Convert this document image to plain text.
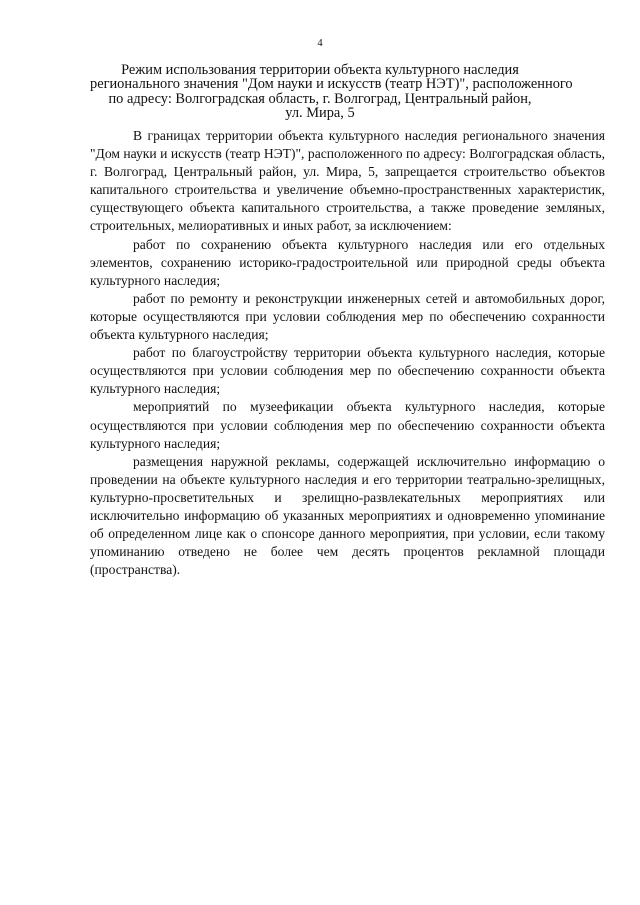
4
Режим использования территории объекта культурного наследия
регионального значения "Дом науки и искусств (театр НЭТ)", расположенного
по адресу: Волгоградская область, г. Волгоград, Центральный район,
ул. Мира, 5

В границах территории объекта культурного наследия регионального значения "Дом науки и искусств (театр НЭТ)", расположенного по адресу: Волгоградская область, г. Волгоград, Центральный район, ул. Мира, 5, запрещается строительство объектов капитального строительства и увеличение объемно-пространственных характеристик, существующего объекта капитального строительства, а также проведение земляных, строительных, мелиоративных и иных работ, за исключением:

работ по сохранению объекта культурного наследия или его отдельных элементов, сохранению историко-градостроительной или природной среды объекта культурного наследия;

работ по ремонту и реконструкции инженерных сетей и автомобильных дорог, которые осуществляются при условии соблюдения мер по обеспечению сохранности объекта культурного наследия;

работ по благоустройству территории объекта культурного наследия, которые осуществляются при условии соблюдения мер по обеспечению сохранности объекта культурного наследия;

мероприятий по музеефикации объекта культурного наследия, которые осуществляются при условии соблюдения мер по обеспечению сохранности объекта культурного наследия;

размещения наружной рекламы, содержащей исключительно информацию о проведении на объекте культурного наследия и его территории театрально-зрелищных, культурно-просветительных и зрелищно-развлекательных мероприятиях или исключительно информацию об указанных мероприятиях и одновременно упоминание об определенном лице как о спонсоре данного мероприятия, при условии, если такому упоминанию отведено не более чем десять процентов рекламной площади (пространства).
